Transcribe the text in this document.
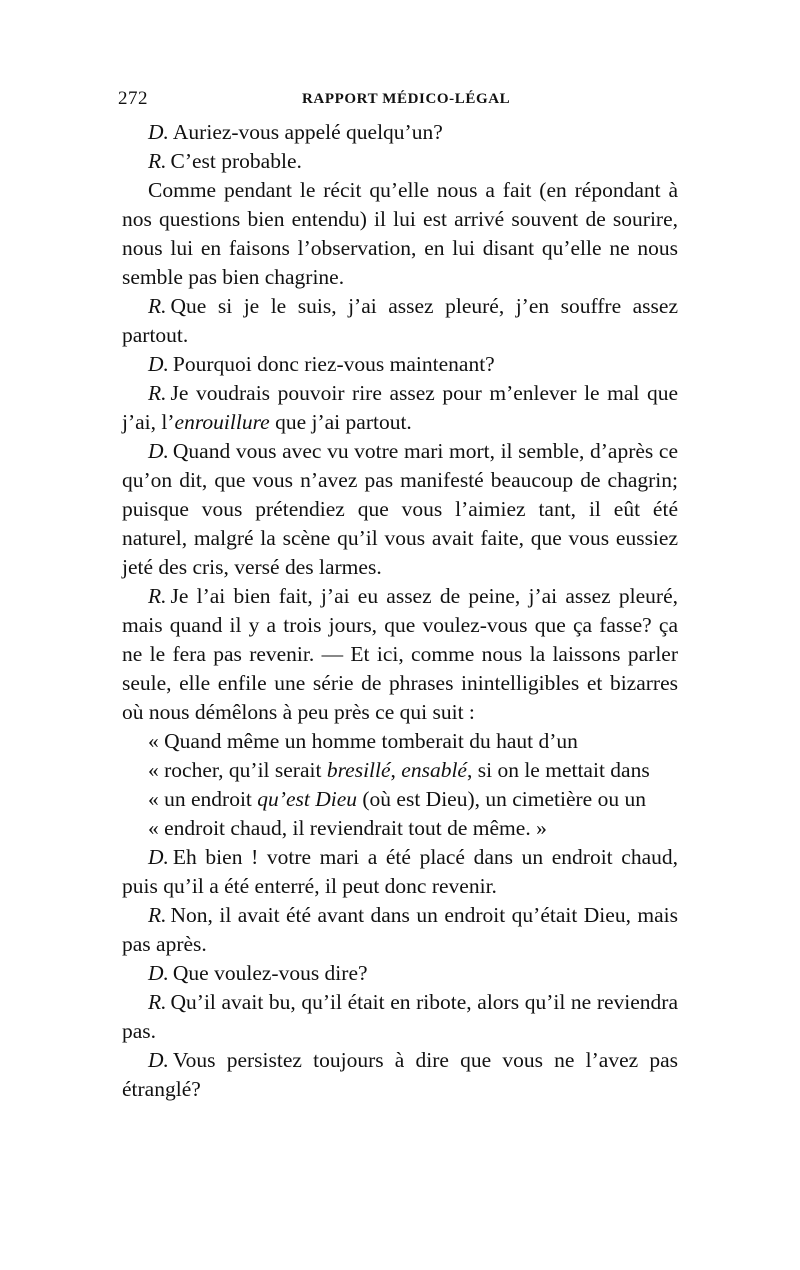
272	RAPPORT MÉDICO-LÉGAL

D. Auriez-vous appelé quelqu’un?

R. C’est probable.

Comme pendant le récit qu’elle nous a fait (en répondant à nos questions bien entendu) il lui est arrivé souvent de sourire, nous lui en faisons l’observation, en lui disant qu’elle ne nous semble pas bien chagrine.

R. Que si je le suis, j’ai assez pleuré, j’en souffre assez partout.

D. Pourquoi donc riez-vous maintenant?

R. Je voudrais pouvoir rire assez pour m’enlever le mal que j’ai, l’enrouillure que j’ai partout.

D. Quand vous avec vu votre mari mort, il semble, d’après ce qu’on dit, que vous n’avez pas manifesté beaucoup de chagrin; puisque vous prétendiez que vous l’aimiez tant, il eût été naturel, malgré la scène qu’il vous avait faite, que vous eussiez jeté des cris, versé des larmes.

R. Je l’ai bien fait, j’ai eu assez de peine, j’ai assez pleuré, mais quand il y a trois jours, que voulez-vous que ça fasse? ça ne le fera pas revenir. — Et ici, comme nous la laissons parler seule, elle enfile une série de phrases inintelligibles et bizarres où nous démêlons à peu près ce qui suit :

« Quand même un homme tomberait du haut d’un

« rocher, qu’il serait bresillé, ensablé, si on le mettait dans

« un endroit qu’est Dieu (où est Dieu), un cimetière ou un

« endroit chaud, il reviendrait tout de même. »

D. Eh bien ! votre mari a été placé dans un endroit chaud, puis qu’il a été enterré, il peut donc revenir.

R. Non, il avait été avant dans un endroit qu’était Dieu, mais pas après.

D. Que voulez-vous dire?

R. Qu’il avait bu, qu’il était en ribote, alors qu’il ne reviendra pas.

D. Vous persistez toujours à dire que vous ne l’avez pas étranglé?
